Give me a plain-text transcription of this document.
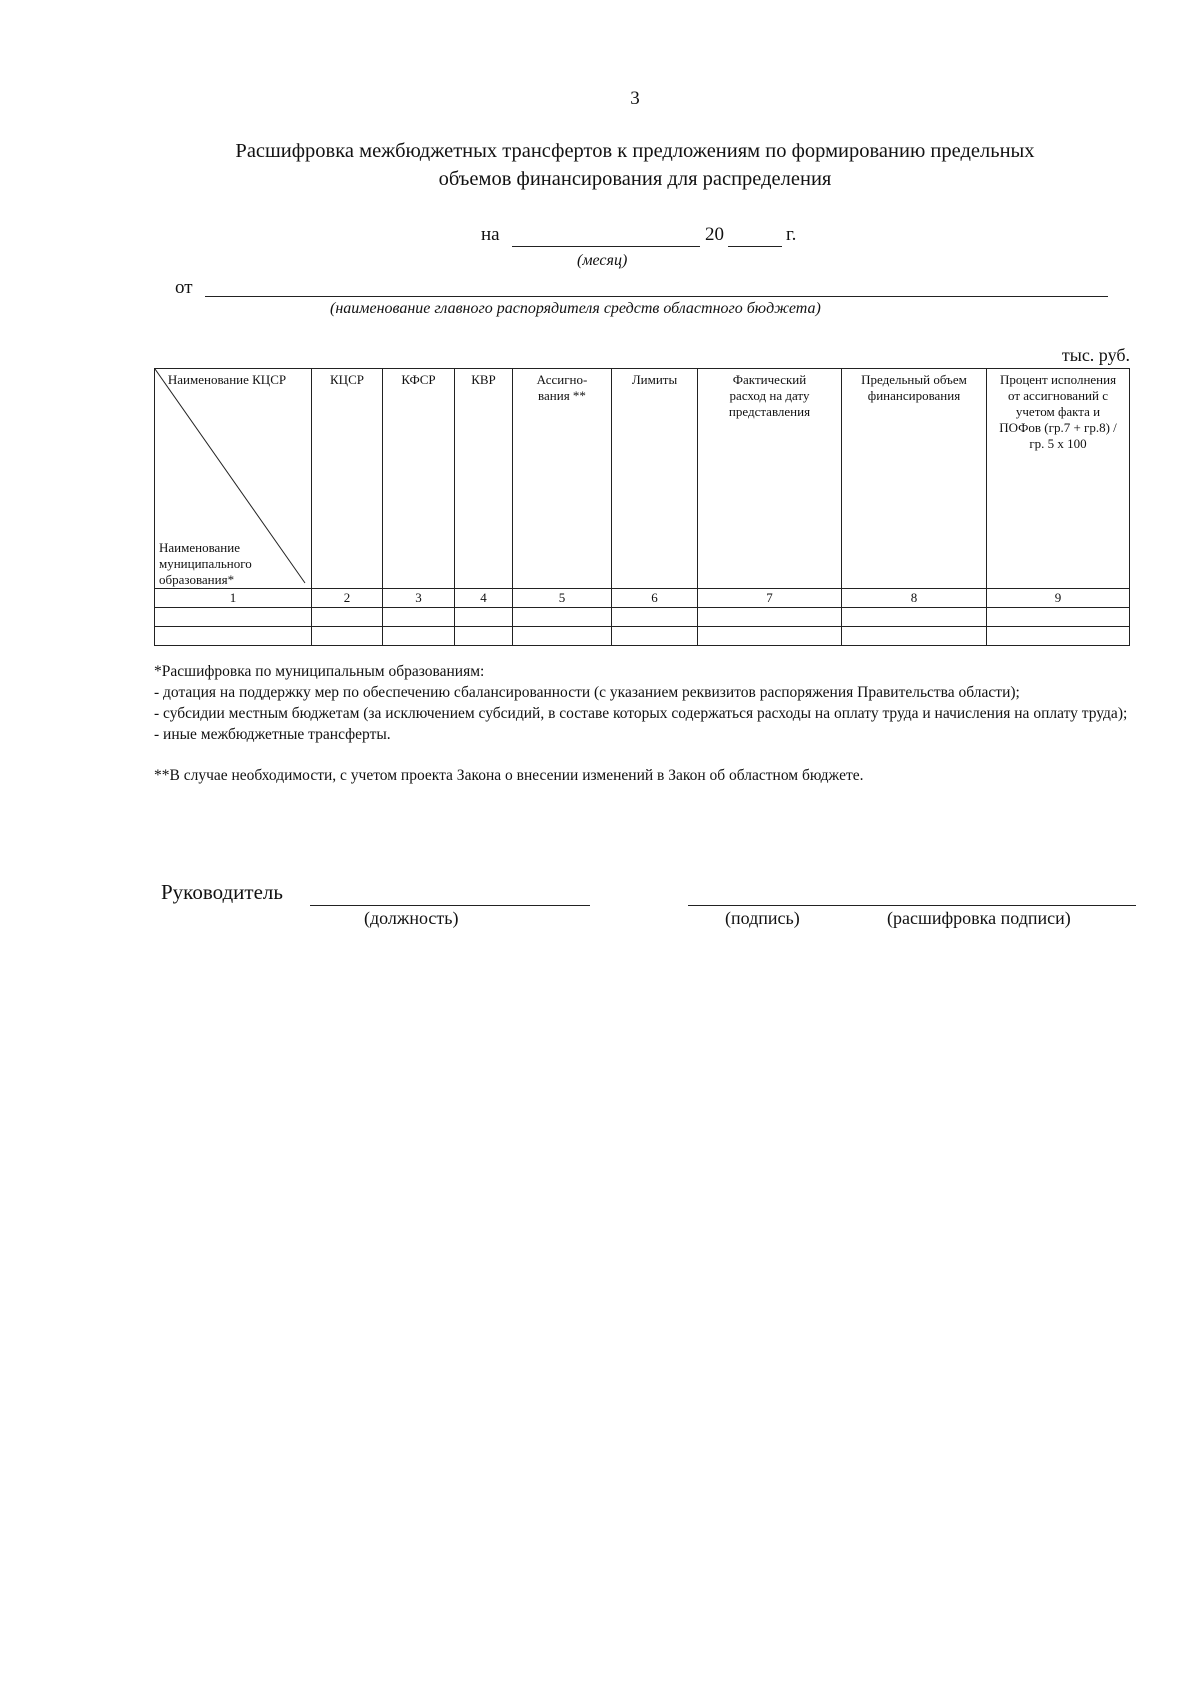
3
Расшифровка межбюджетных трансфертов к предложениям по формированию предельных
объемов финансирования для распределения
на	20	г.
(месяц)
от
(наименование главного распорядителя средств областного бюджета)
тыс. руб.
Наименование КЦСР
Наименование муниципального образования*	КЦСР	КФСР	КВР	Ассигно-вания **	Лимиты	Фактический расход на дату представления	Предельный объем финансирования	Процент исполнения от ассигнований с учетом факта и ПОФов (гр.7 + гр.8) / гр. 5 х 100
1	2	3	4	5	6	7	8	9

*Расшифровка по муниципальным образованиям:

- дотация на поддержку мер по обеспечению сбалансированности (с указанием реквизитов распоряжения Правительства области);

- субсидии местным бюджетам (за исключением субсидий, в составе которых содержаться расходы на оплату труда и начисления на оплату труда);

- иные межбюджетные трансферты.

**В случае необходимости, с учетом проекта Закона о внесении изменений в Закон об областном бюджете.

Руководитель
(должность)	(подпись)	(расшифровка подписи)
